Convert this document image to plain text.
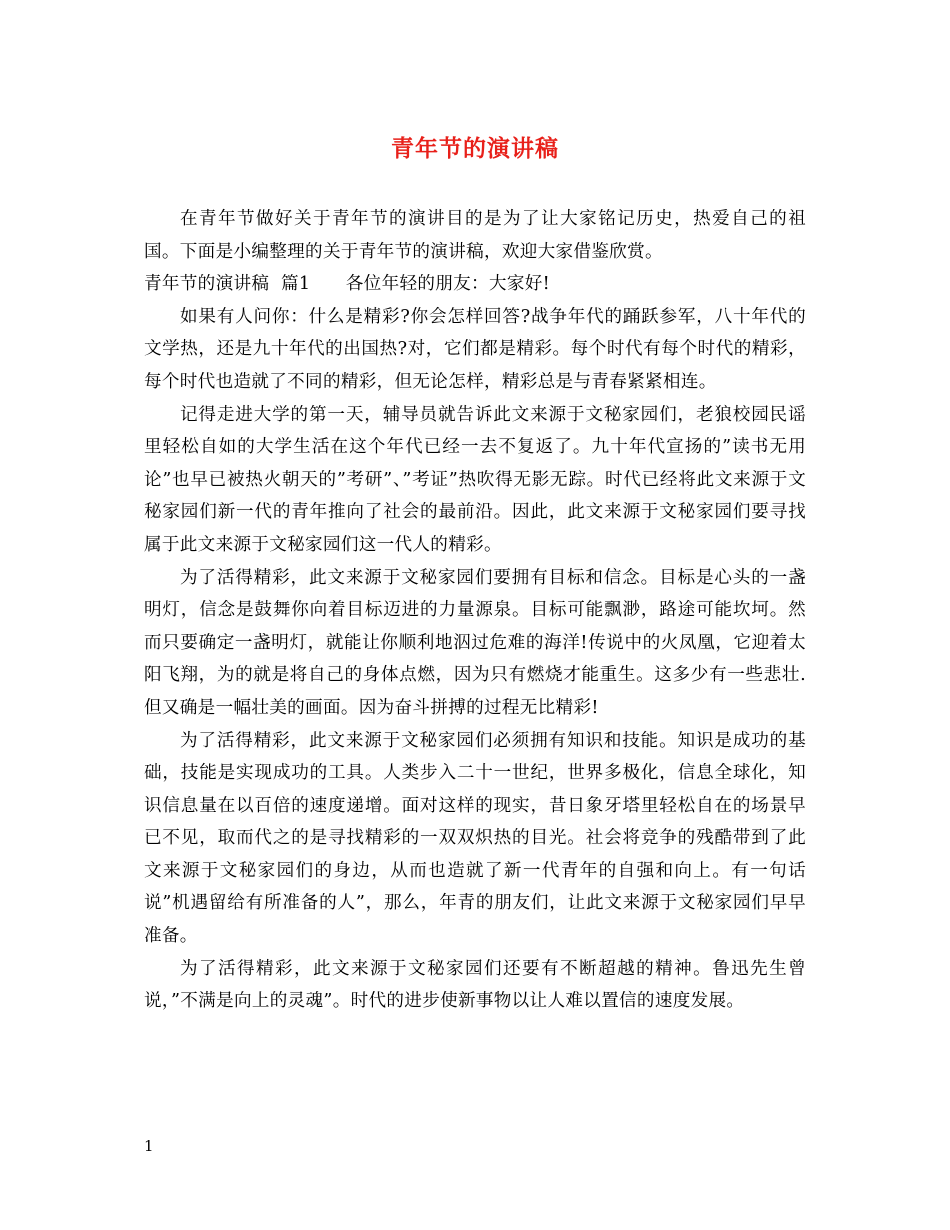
青年节的演讲稿

在青年节做好关于青年节的演讲目的是为了让大家铭记历史，热爱自己的祖国。下面是小编整理的关于青年节的演讲稿，欢迎大家借鉴欣赏。

青年节的演讲稿  篇1      各位年轻的朋友：大家好!

如果有人问你：什么是精彩?你会怎样回答?战争年代的踊跃参军，八十年代的文学热，还是九十年代的出国热?对，它们都是精彩。每个时代有每个时代的精彩，每个时代也造就了不同的精彩，但无论怎样，精彩总是与青春紧紧相连。

记得走进大学的第一天，辅导员就告诉此文来源于文秘家园们，老狼校园民谣里轻松自如的大学生活在这个年代已经一去不复返了。九十年代宣扬的”读书无用论”也早已被热火朝天的”考研”、”考证”热吹得无影无踪。时代已经将此文来源于文秘家园们新一代的青年推向了社会的最前沿。因此，此文来源于文秘家园们要寻找属于此文来源于文秘家园们这一代人的精彩。

为了活得精彩，此文来源于文秘家园们要拥有目标和信念。目标是心头的一盏明灯，信念是鼓舞你向着目标迈进的力量源泉。目标可能飘渺，路途可能坎坷。然而只要确定一盏明灯，就能让你顺利地泅过危难的海洋!传说中的火凤凰，它迎着太阳飞翔，为的就是将自己的身体点燃，因为只有燃烧才能重生。这多少有一些悲壮.但又确是一幅壮美的画面。因为奋斗拼搏的过程无比精彩!

为了活得精彩，此文来源于文秘家园们必须拥有知识和技能。知识是成功的基础，技能是实现成功的工具。人类步入二十一世纪，世界多极化，信息全球化，知识信息量在以百倍的速度递增。面对这样的现实，昔日象牙塔里轻松自在的场景早已不见，取而代之的是寻找精彩的一双双炽热的目光。社会将竞争的残酷带到了此文来源于文秘家园们的身边，从而也造就了新一代青年的自强和向上。有一句话说”机遇留给有所准备的人”，那么，年青的朋友们，让此文来源于文秘家园们早早准备。

为了活得精彩，此文来源于文秘家园们还要有不断超越的精神。鲁迅先生曾说，”不满是向上的灵魂”。时代的进步使新事物以让人难以置信的速度发展。

1
